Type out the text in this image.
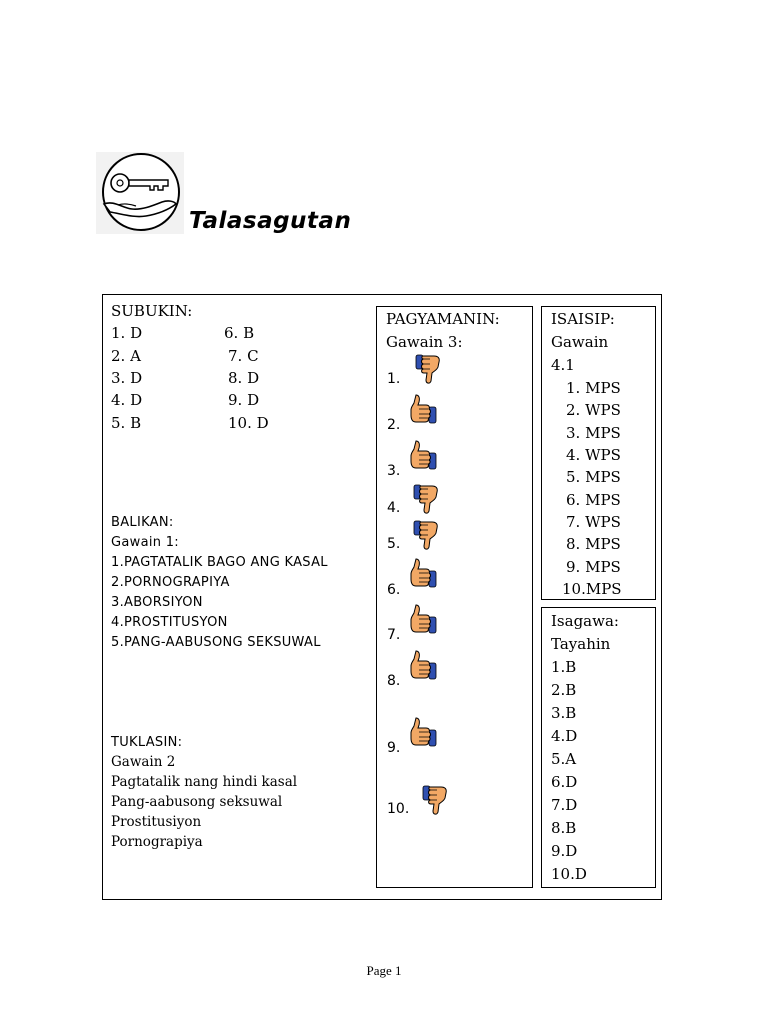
Talasagutan
SUBUKIN:
1. D
2. A
3. D
4. D
5. B
6. B
7. C
8. D
9. D
10. D
BALIKAN:
Gawain 1:
1.PAGTATALIK BAGO ANG KASAL
2.PORNOGRAPIYA
3.ABORSIYON
4.PROSTITUSYON
5.PANG-AABUSONG SEKSUWAL
TUKLASIN:
Gawain 2
Pagtatalik nang hindi kasal
Pang-aabusong seksuwal
Prostitusiyon
Pornograpiya
PAGYAMANIN:
Gawain 3:
1.
2.
3.
4.
5.
6.
7.
8.
9.
10.
ISAISIP:
Gawain
4.1
1. MPS
2. WPS
3. MPS
4. WPS
5. MPS
6. MPS
7. WPS
8. MPS
9. MPS
10.MPS
Isagawa:
Tayahin
1.B
2.B
3.B
4.D
5.A
6.D
7.D
8.B
9.D
10.D
Page 1
